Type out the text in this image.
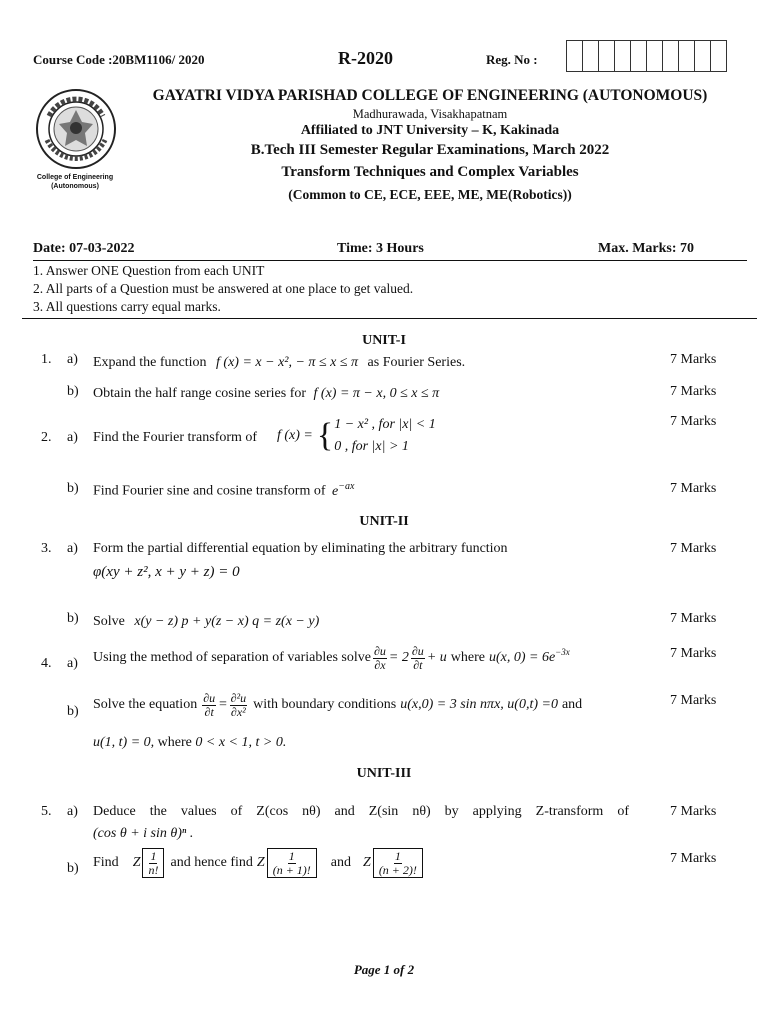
Course Code :20BM1106/ 2020	R-2020	Reg. No :
College of Engineering
(Autonomous)
GAYATRI VIDYA PARISHAD COLLEGE OF ENGINEERING (AUTONOMOUS)
Madhurawada, Visakhapatnam
Affiliated to JNT University – K, Kakinada
B.Tech III Semester Regular Examinations, March 2022
Transform Techniques and Complex Variables
(Common to CE, ECE, EEE, ME, ME(Robotics))
Date: 07-03-2022	Time: 3 Hours	Max. Marks: 70
1. Answer ONE Question from each UNIT
2. All parts of a Question must be answered at one place to get valued.
3. All questions carry equal marks.
UNIT-I
1. a) Expand the function f (x) = x − x², − π ≤ x ≤ π as Fourier Series.	7 Marks
b) Obtain the half range cosine series for f (x) = π − x, 0 ≤ x ≤ π	7 Marks
2. a) Find the Fourier transform of f (x) = { 1 − x² , for |x| < 1
0 , for |x| > 1
7 Marks
b) Find Fourier sine and cosine transform of $e^{-ax}$	7 Marks
UNIT-II
3. a) Form the partial differential equation by eliminating the arbitrary function
φ(xy + z², x + y + z) = 0
7 Marks
b) Solve x(y − z) p + y(z − x) q = z(x − y)	7 Marks
4. a) Using the method of separation of variables solve $\frac{\partial u}{\partial x} = 2 \frac{\partial u}{\partial t} + u$ where u(x, $0) = 6e^{-3x}$	7 Marks
b) Solve the equation $\frac{\partial u}{\partial t} = \frac{\text{∂²u}}{\text{∂x²}}$ with boundary conditions u(x,0) = 3 sin nπx, u(0,t) =0 and
u(1, t) = 0, where 0 < x < 1, t > 0.
7 Marks
UNIT-III
5. a) Deduce the values of Z(cos nθ) and Z(sin nθ) by applying Z-transform of
(cos θ + i sin θ)ⁿ .
7 Marks
b) Find Z $\frac{1}{n!}$ and hence find Z $\frac{1}{(n + 1)!}$ and Z $\frac{1}{(n + 2)!}$	7 Marks
Page 1 of 2
